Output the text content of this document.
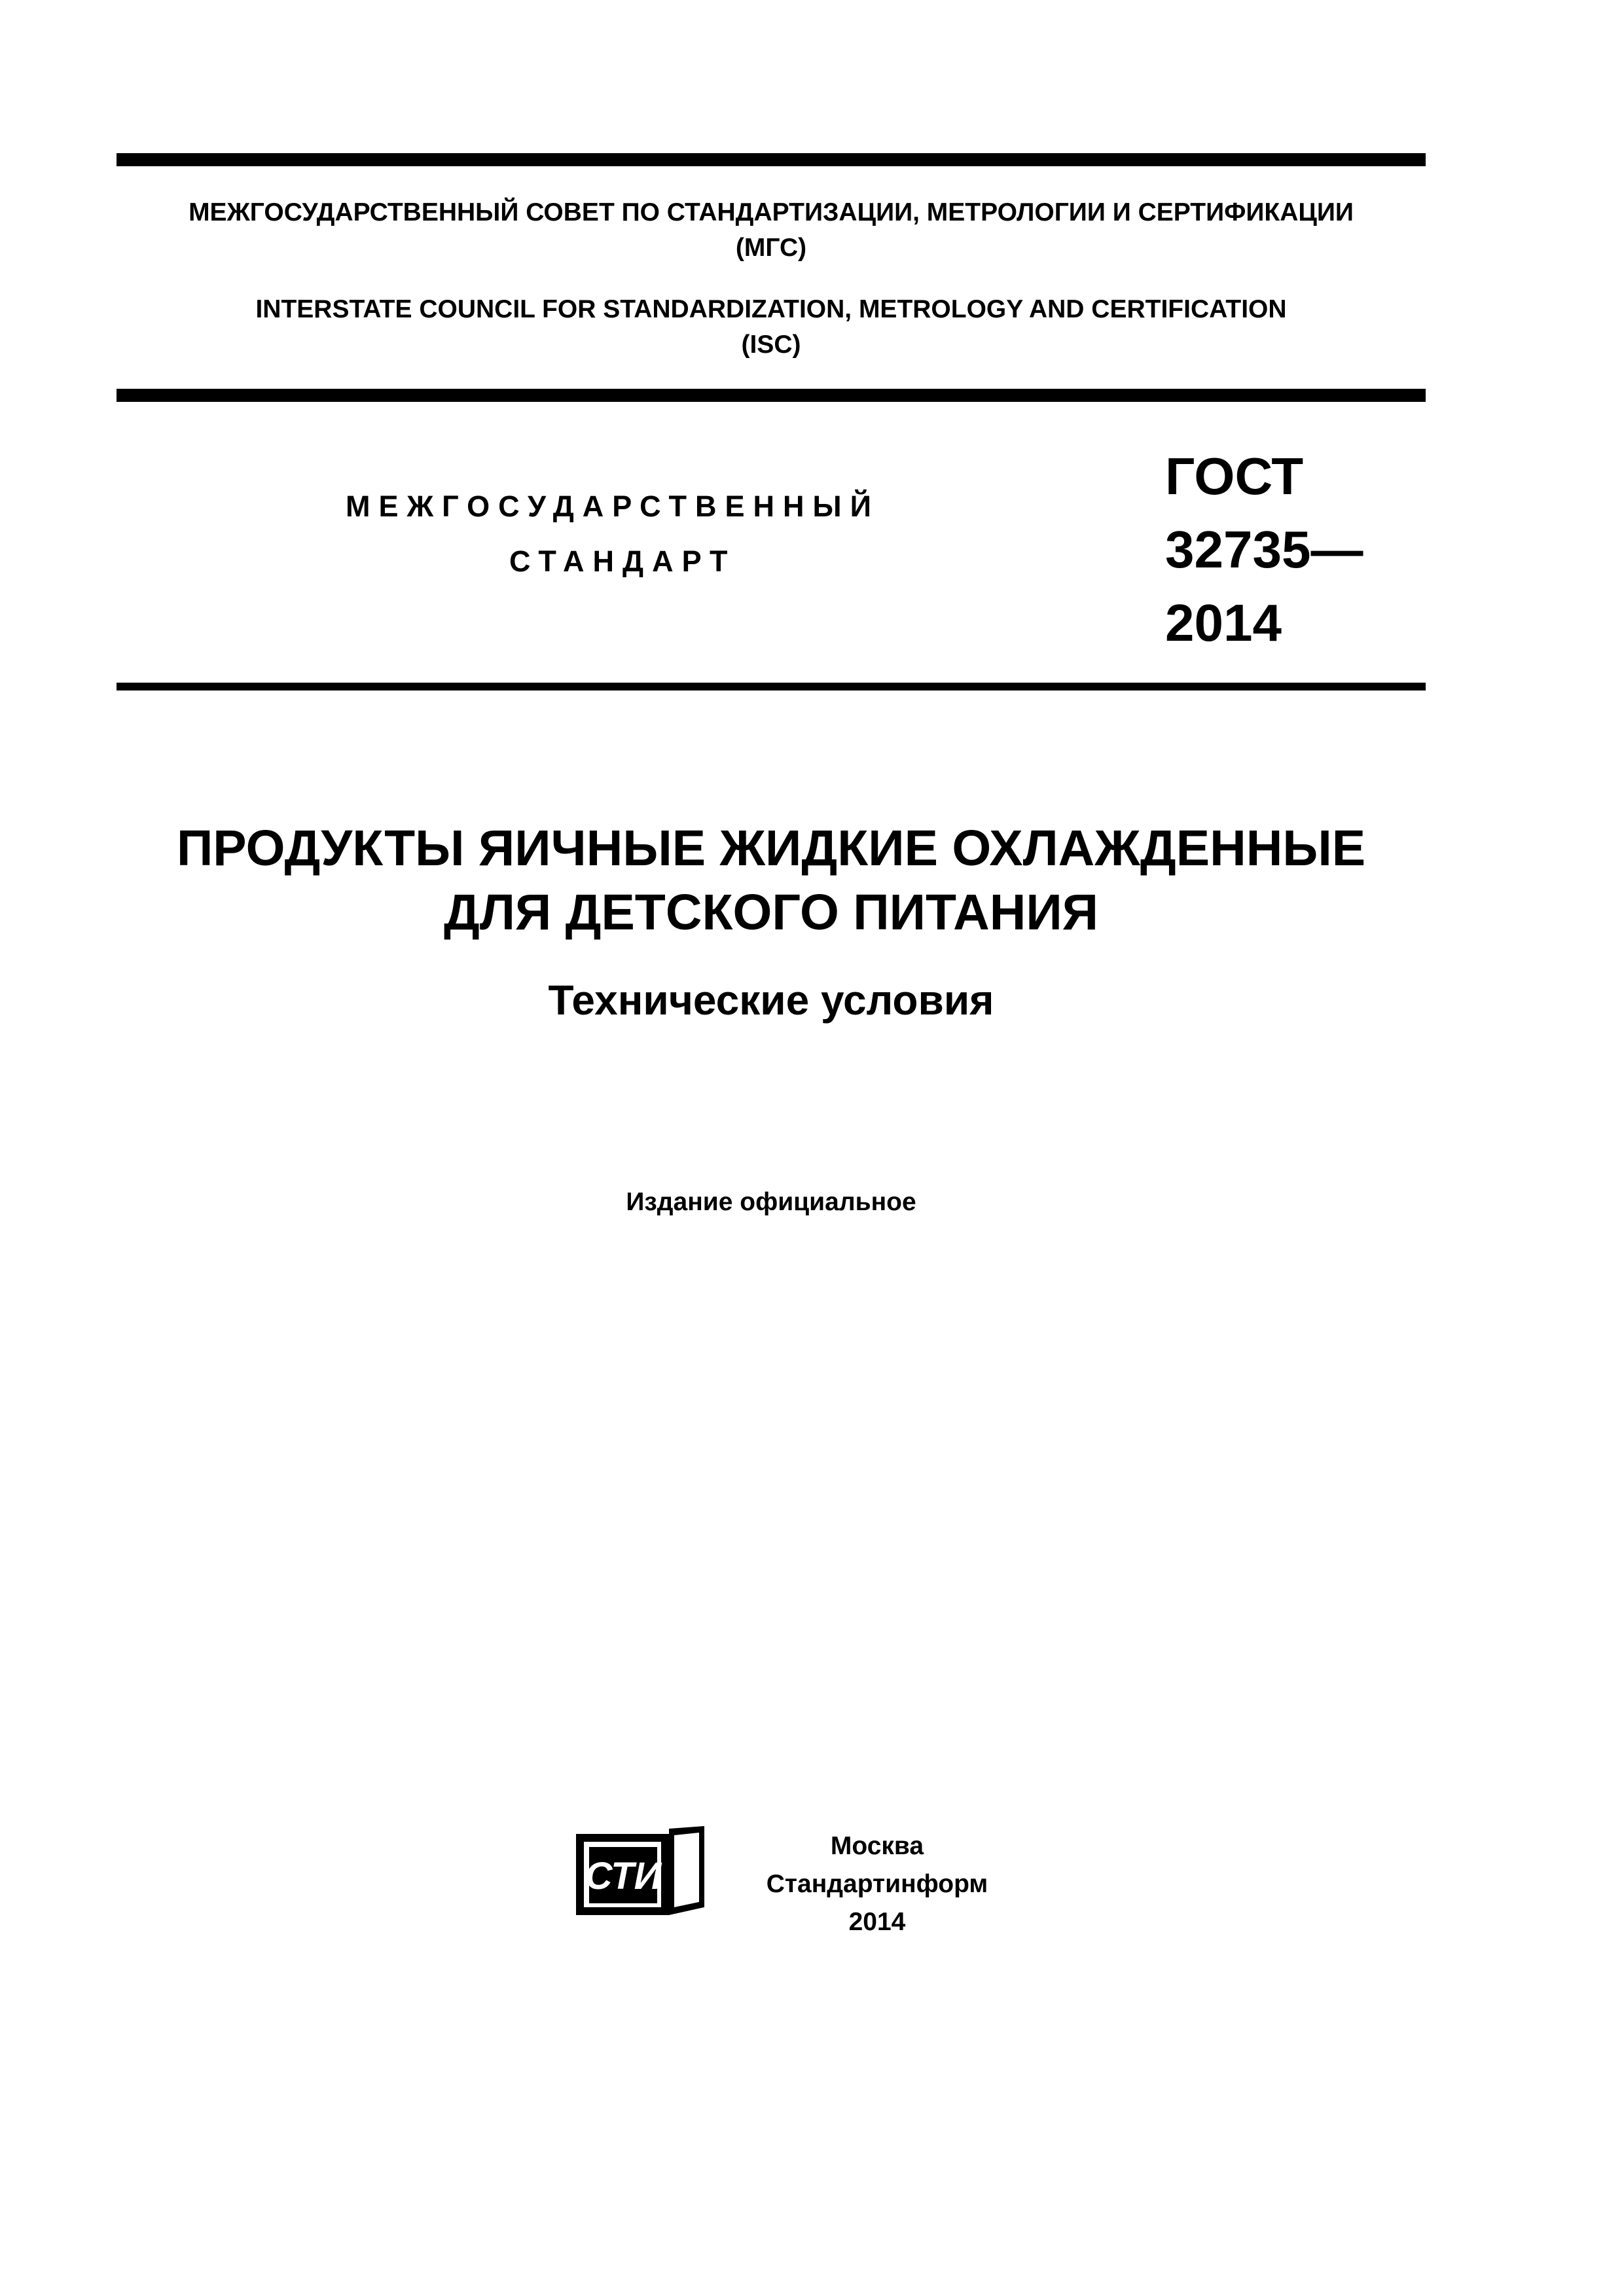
МЕЖГОСУДАРСТВЕННЫЙ СОВЕТ ПО СТАНДАРТИЗАЦИИ, МЕТРОЛОГИИ И СЕРТИФИКАЦИИ
(МГС)
INTERSTATE COUNCIL FOR STANDARDIZATION, METROLOGY AND CERTIFICATION
(ISC)
МЕЖГОСУДАРСТВЕННЫЙ
СТАНДАРТ
ГОСТ
32735—
2014
ПРОДУКТЫ ЯИЧНЫЕ ЖИДКИЕ ОХЛАЖДЕННЫЕ
ДЛЯ ДЕТСКОГО ПИТАНИЯ
Технические условия
Издание официальное
СТИ
Москва
Стандартинформ
2014
